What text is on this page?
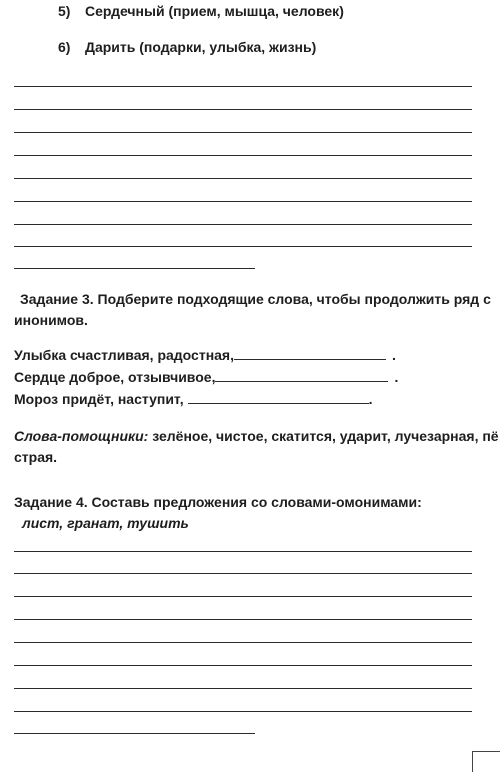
5) Сердечный (прием, мышца, человек)
6) Дарить (подарки, улыбка, жизнь)
Задание 3. Подберите подходящие слова, чтобы продолжить ряд с
инонимов.
Улыбка счастливая, радостная,	.
Сердце доброе, отзывчивое,	.
Мороз придёт, наступит,	.
Слова-помощники: зелёное, чистое, скатится, ударит, лучезарная, пё
страя.
Задание 4. Составь предложения со словами-омонимами:
лист, гранат, тушить
